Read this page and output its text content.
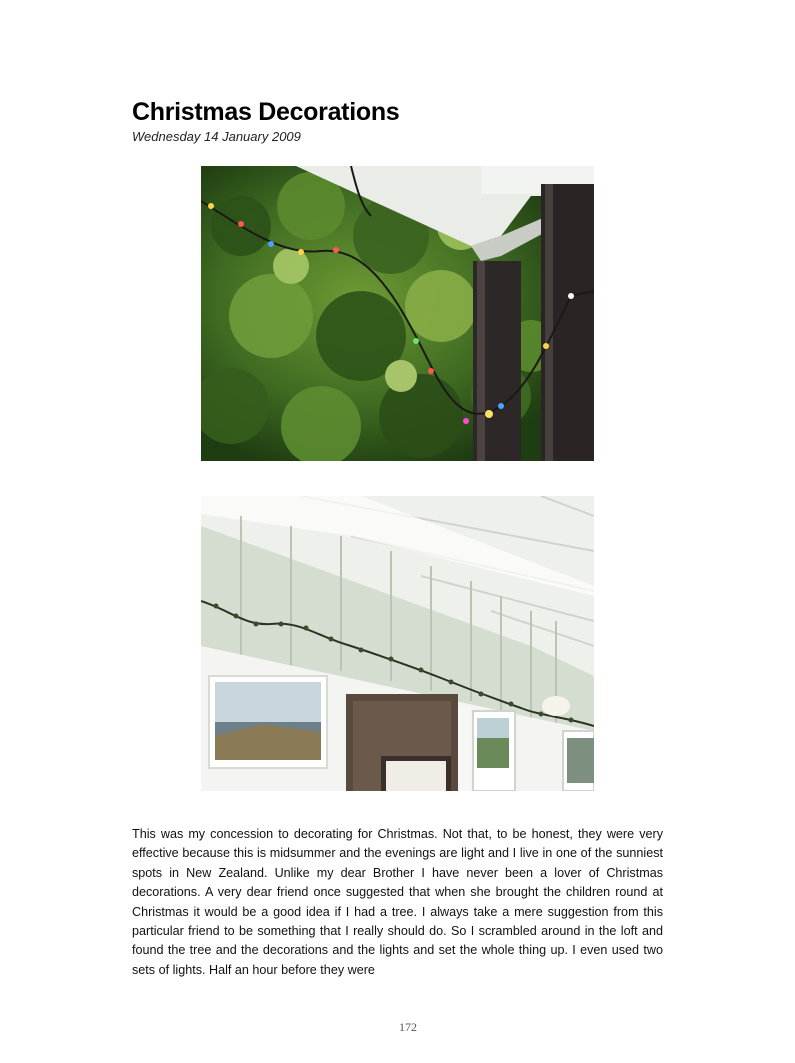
Christmas Decorations
Wednesday 14 January 2009
This was my concession to decorating for Christmas. Not that, to be honest, they were very effective because this is midsummer and the evenings are light and I live in one of the sunniest spots in New Zealand. Unlike my dear Brother I have never been a lover of Christmas decorations. A very dear friend once suggested that when she brought the children round at Christmas it would be a good idea if I had a tree. I always take a mere suggestion from this particular friend to be something that I really should do. So I scrambled around in the loft and found the tree and the decorations and the lights and set the whole thing up. I even used two sets of lights. Half an hour before they were
172
